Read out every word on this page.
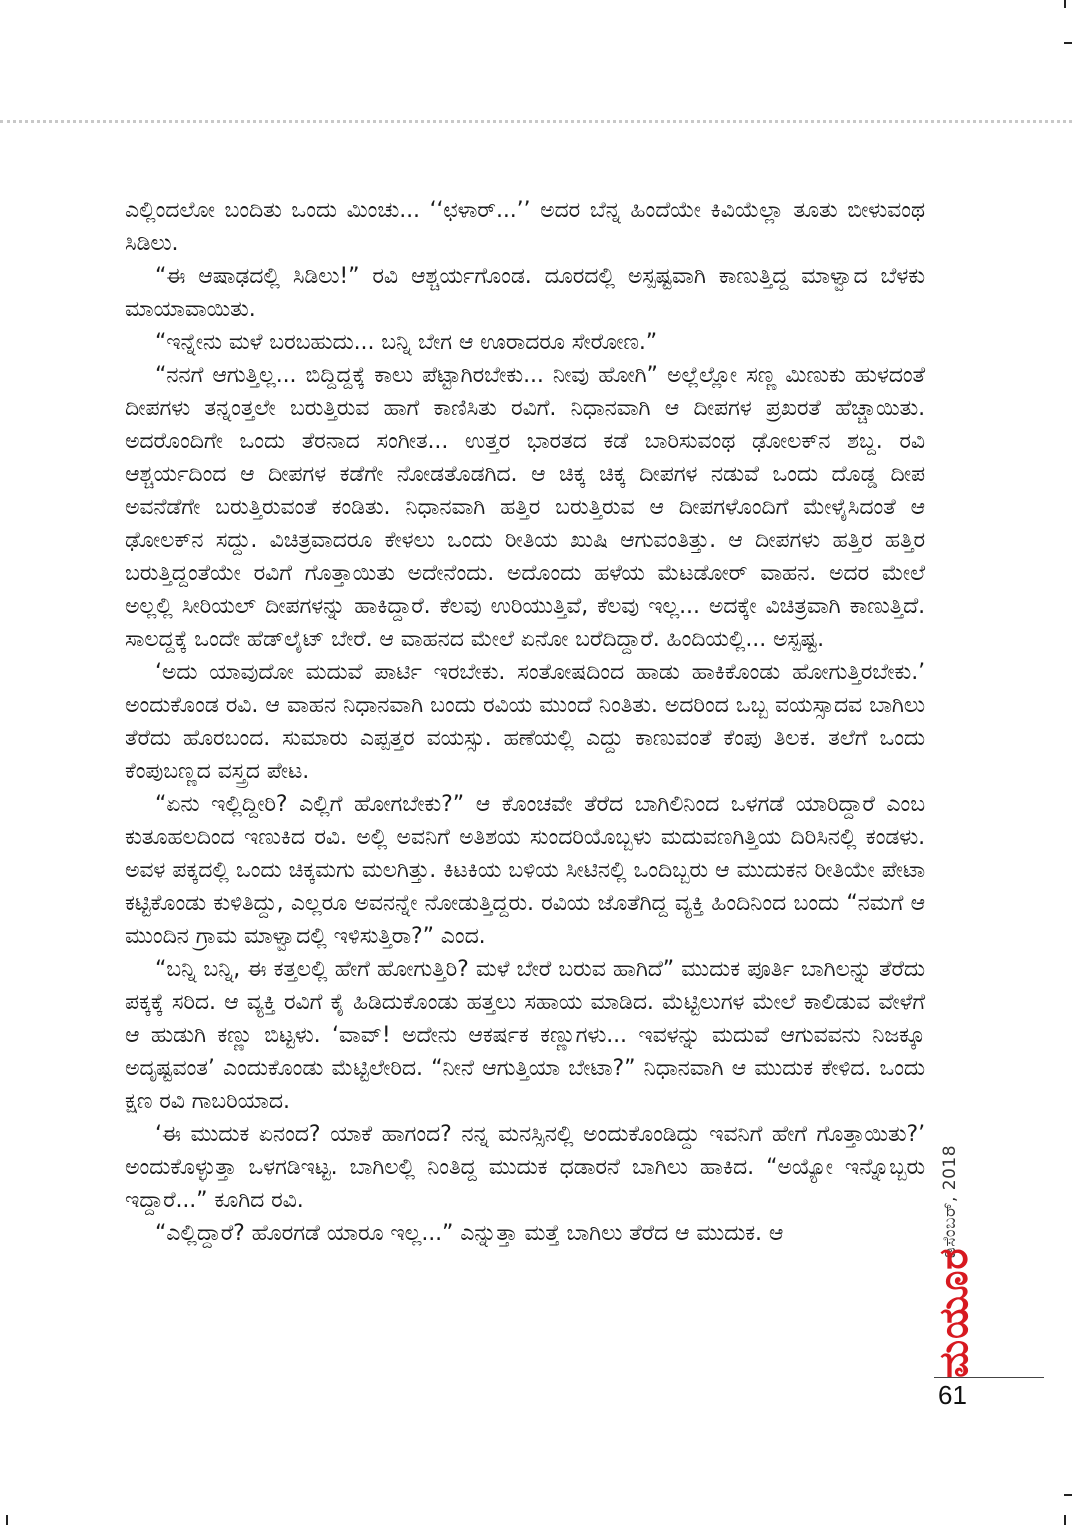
ಎಲ್ಲಿಂದಲೋ ಬಂದಿತು ಒಂದು ಮಿಂಚು... ‘‘ಛಳಾರ್...’’ ಅದರ ಬೆನ್ನ ಹಿಂದೆಯೇ ಕಿವಿಯೆಲ್ಲಾ ತೂತು ಬೀಳುವಂಥ ಸಿಡಿಲು.

“ಈ ಆಷಾಢದಲ್ಲಿ ಸಿಡಿಲು!” ರವಿ ಆಶ್ಚರ್ಯಗೊಂಡ. ದೂರದಲ್ಲಿ ಅಸ್ಪಷ್ಟವಾಗಿ ಕಾಣುತ್ತಿದ್ದ ಮಾಳ್ವಾದ ಬೆಳಕು ಮಾಯಾವಾಯಿತು.

“ಇನ್ನೇನು ಮಳೆ ಬರಬಹುದು... ಬನ್ನಿ ಬೇಗ ಆ ಊರಾದರೂ ಸೇರೋಣ.”

“ನನಗೆ ಆಗುತ್ತಿಲ್ಲ... ಬಿದ್ದಿದ್ದಕ್ಕೆ ಕಾಲು ಪೆಟ್ಟಾಗಿರಬೇಕು... ನೀವು ಹೋಗಿ” ಅಲ್ಲೆಲ್ಲೋ ಸಣ್ಣ ಮಿಣುಕು ಹುಳದಂತೆ ದೀಪಗಳು ತನ್ನಂತ್ತಲೇ ಬರುತ್ತಿರುವ ಹಾಗೆ ಕಾಣಿಸಿತು ರವಿಗೆ. ನಿಧಾನವಾಗಿ ಆ ದೀಪಗಳ ಪ್ರಖರತೆ ಹೆಚ್ಚಾಯಿತು. ಅದರೊಂದಿಗೇ ಒಂದು ತೆರನಾದ ಸಂಗೀತ... ಉತ್ತರ ಭಾರತದ ಕಡೆ ಬಾರಿಸುವಂಥ ಢೋಲಕ್‌ನ ಶಬ್ದ. ರವಿ ಆಶ್ಚರ್ಯದಿಂದ ಆ ದೀಪಗಳ ಕಡೆಗೇ ನೋಡತೊಡಗಿದ. ಆ ಚಿಕ್ಕ ಚಿಕ್ಕ ದೀಪಗಳ ನಡುವೆ ಒಂದು ದೊಡ್ಡ ದೀಪ ಅವನೆಡೆಗೇ ಬರುತ್ತಿರುವಂತೆ ಕಂಡಿತು. ನಿಧಾನವಾಗಿ ಹತ್ತಿರ ಬರುತ್ತಿರುವ ಆ ದೀಪಗಳೊಂದಿಗೆ ಮೇಳೈಸಿದಂತೆ ಆ ಢೋಲಕ್‌ನ ಸದ್ದು. ವಿಚಿತ್ರವಾದರೂ ಕೇಳಲು ಒಂದು ರೀತಿಯ ಖುಷಿ ಆಗುವಂತಿತ್ತು. ಆ ದೀಪಗಳು ಹತ್ತಿರ ಹತ್ತಿರ ಬರುತ್ತಿದ್ದಂತೆಯೇ ರವಿಗೆ ಗೊತ್ತಾಯಿತು ಅದೇನೆಂದು. ಅದೊಂದು ಹಳೆಯ ಮೆಟಡೋರ್ ವಾಹನ. ಅದರ ಮೇಲೆ ಅಲ್ಲಲ್ಲಿ ಸೀರಿಯಲ್ ದೀಪಗಳನ್ನು ಹಾಕಿದ್ದಾರೆ. ಕೆಲವು ಉರಿಯುತ್ತಿವೆ, ಕೆಲವು ಇಲ್ಲ... ಅದಕ್ಕೇ ವಿಚಿತ್ರವಾಗಿ ಕಾಣುತ್ತಿದೆ. ಸಾಲದ್ದಕ್ಕೆ ಒಂದೇ ಹೆಡ್‌ಲೈಟ್ ಬೇರೆ. ಆ ವಾಹನದ ಮೇಲೆ ಏನೋ ಬರೆದಿದ್ದಾರೆ. ಹಿಂದಿಯಲ್ಲಿ... ಅಸ್ಪಷ್ಟ.

‘ಅದು ಯಾವುದೋ ಮದುವೆ ಪಾರ್ಟಿ ಇರಬೇಕು. ಸಂತೋಷದಿಂದ ಹಾಡು ಹಾಕಿಕೊಂಡು ಹೋಗುತ್ತಿರಬೇಕು.’ ಅಂದುಕೊಂಡ ರವಿ. ಆ ವಾಹನ ನಿಧಾನವಾಗಿ ಬಂದು ರವಿಯ ಮುಂದೆ ನಿಂತಿತು. ಅದರಿಂದ ಒಬ್ಬ ವಯಸ್ಸಾದವ ಬಾಗಿಲು ತೆರೆದು ಹೊರಬಂದ. ಸುಮಾರು ಎಪ್ಪತ್ತರ ವಯಸ್ಸು. ಹಣೆಯಲ್ಲಿ ಎದ್ದು ಕಾಣುವಂತೆ ಕೆಂಪು ತಿಲಕ. ತಲೆಗೆ ಒಂದು ಕೆಂಪುಬಣ್ಣದ ವಸ್ತ್ರದ ಪೇಟ.

“ಏನು ಇಲ್ಲಿದ್ದೀರಿ? ಎಲ್ಲಿಗೆ ಹೋಗಬೇಕು?” ಆ ಕೊಂಚವೇ ತೆರೆದ ಬಾಗಿಲಿನಿಂದ ಒಳಗಡೆ ಯಾರಿದ್ದಾರೆ ಎಂಬ ಕುತೂಹಲದಿಂದ ಇಣುಕಿದ ರವಿ. ಅಲ್ಲಿ ಅವನಿಗೆ ಅತಿಶಯ ಸುಂದರಿಯೊಬ್ಬಳು ಮದುವಣಗಿತ್ತಿಯ ದಿರಿಸಿನಲ್ಲಿ ಕಂಡಳು. ಅವಳ ಪಕ್ಕದಲ್ಲಿ ಒಂದು ಚಿಕ್ಕಮಗು ಮಲಗಿತ್ತು. ಕಿಟಕಿಯ ಬಳಿಯ ಸೀಟಿನಲ್ಲಿ ಒಂದಿಬ್ಬರು ಆ ಮುದುಕನ ರೀತಿಯೇ ಪೇಟಾ ಕಟ್ಟಿಕೊಂಡು ಕುಳಿತಿದ್ದು, ಎಲ್ಲರೂ ಅವನನ್ನೇ ನೋಡುತ್ತಿದ್ದರು. ರವಿಯ ಜೊತೆಗಿದ್ದ ವ್ಯಕ್ತಿ ಹಿಂದಿನಿಂದ ಬಂದು “ನಮಗೆ ಆ ಮುಂದಿನ ಗ್ರಾಮ ಮಾಳ್ವಾದಲ್ಲಿ ಇಳಿಸುತ್ತಿರಾ?” ಎಂದ.

“ಬನ್ನಿ ಬನ್ನಿ, ಈ ಕತ್ತಲಲ್ಲಿ ಹೇಗೆ ಹೋಗುತ್ತಿರಿ? ಮಳೆ ಬೇರೆ ಬರುವ ಹಾಗಿದೆ” ಮುದುಕ ಪೂರ್ತಿ ಬಾಗಿಲನ್ನು ತೆರೆದು ಪಕ್ಕಕ್ಕೆ ಸರಿದ. ಆ ವ್ಯಕ್ತಿ ರವಿಗೆ ಕೈ ಹಿಡಿದುಕೊಂಡು ಹತ್ತಲು ಸಹಾಯ ಮಾಡಿದ. ಮೆಟ್ಟಿಲುಗಳ ಮೇಲೆ ಕಾಲಿಡುವ ವೇಳೆಗೆ ಆ ಹುಡುಗಿ ಕಣ್ಣು ಬಿಟ್ಟಳು. ‘ವಾವ್! ಅದೇನು ಆಕರ್ಷಕ ಕಣ್ಣುಗಳು... ಇವಳನ್ನು ಮದುವೆ ಆಗುವವನು ನಿಜಕ್ಕೂ ಅದೃಷ್ಟವಂತ’ ಎಂದುಕೊಂಡು ಮೆಟ್ಟಿಲೇರಿದ. “ನೀನೆ ಆಗುತ್ತಿಯಾ ಬೇಟಾ?” ನಿಧಾನವಾಗಿ ಆ ಮುದುಕ ಕೇಳಿದ. ಒಂದು ಕ್ಷಣ ರವಿ ಗಾಬರಿಯಾದ.

‘ಈ ಮುದುಕ ಏನಂದ? ಯಾಕೆ ಹಾಗಂದ? ನನ್ನ ಮನಸ್ಸಿನಲ್ಲಿ ಅಂದುಕೊಂಡಿದ್ದು ಇವನಿಗೆ ಹೇಗೆ ಗೊತ್ತಾಯಿತು?’ ಅಂದುಕೊಳ್ಳುತ್ತಾ ಒಳಗಡಿಇಟ್ಟ. ಬಾಗಿಲಲ್ಲಿ ನಿಂತಿದ್ದ ಮುದುಕ ಧಡಾರನೆ ಬಾಗಿಲು ಹಾಕಿದ. “ಅಯ್ಯೋ ಇನ್ನೊಬ್ಬರು ಇದ್ದಾರೆ...” ಕೂಗಿದ ರವಿ.

“ಎಲ್ಲಿದ್ದಾರೆ? ಹೊರಗಡೆ ಯಾರೂ ಇಲ್ಲ...” ಎನ್ನುತ್ತಾ ಮತ್ತೆ ಬಾಗಿಲು ತೆರೆದ ಆ ಮುದುಕ. ಆ	ಡಿಸೆಂಬರ್, 2018
ಮಯೂರ
61
